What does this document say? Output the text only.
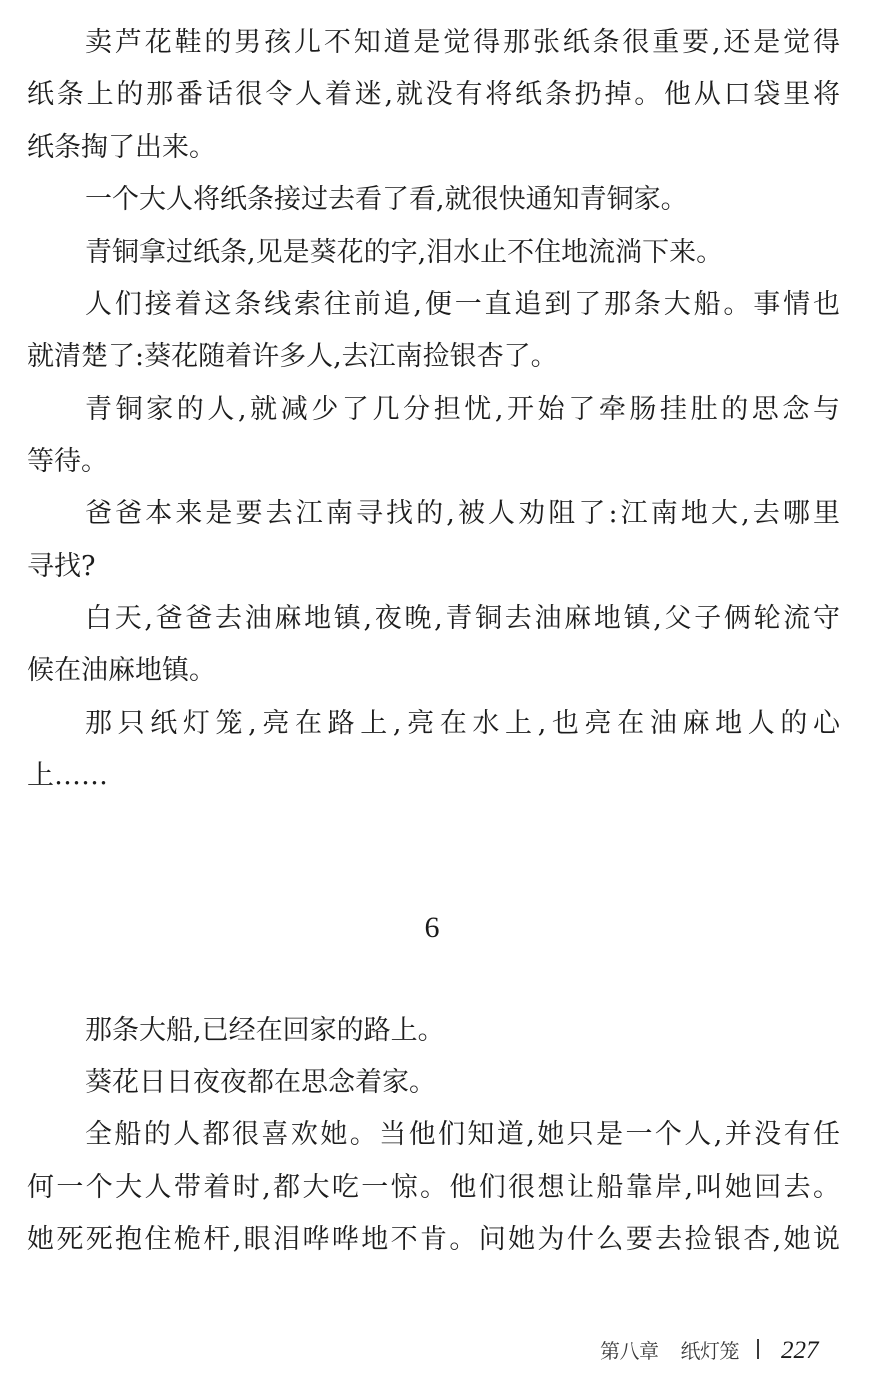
卖芦花鞋的男孩儿不知道是觉得那张纸条很重要,还是觉得
纸条上的那番话很令人着迷,就没有将纸条扔掉。他从口袋里将
纸条掏了出来。
一个大人将纸条接过去看了看,就很快通知青铜家。
青铜拿过纸条,见是葵花的字,泪水止不住地流淌下来。
人们接着这条线索往前追,便一直追到了那条大船。事情也
就清楚了:葵花随着许多人,去江南捡银杏了。
青铜家的人,就减少了几分担忧,开始了牵肠挂肚的思念与
等待。
爸爸本来是要去江南寻找的,被人劝阻了:江南地大,去哪里
寻找?
白天,爸爸去油麻地镇,夜晚,青铜去油麻地镇,父子俩轮流守
候在油麻地镇。
那只纸灯笼,亮在路上,亮在水上,也亮在油麻地人的心
上……
6
那条大船,已经在回家的路上。
葵花日日夜夜都在思念着家。
全船的人都很喜欢她。当他们知道,她只是一个人,并没有任
何一个大人带着时,都大吃一惊。他们很想让船靠岸,叫她回去。
她死死抱住桅杆,眼泪哗哗地不肯。问她为什么要去捡银杏,她说
第八章 纸灯笼 227
